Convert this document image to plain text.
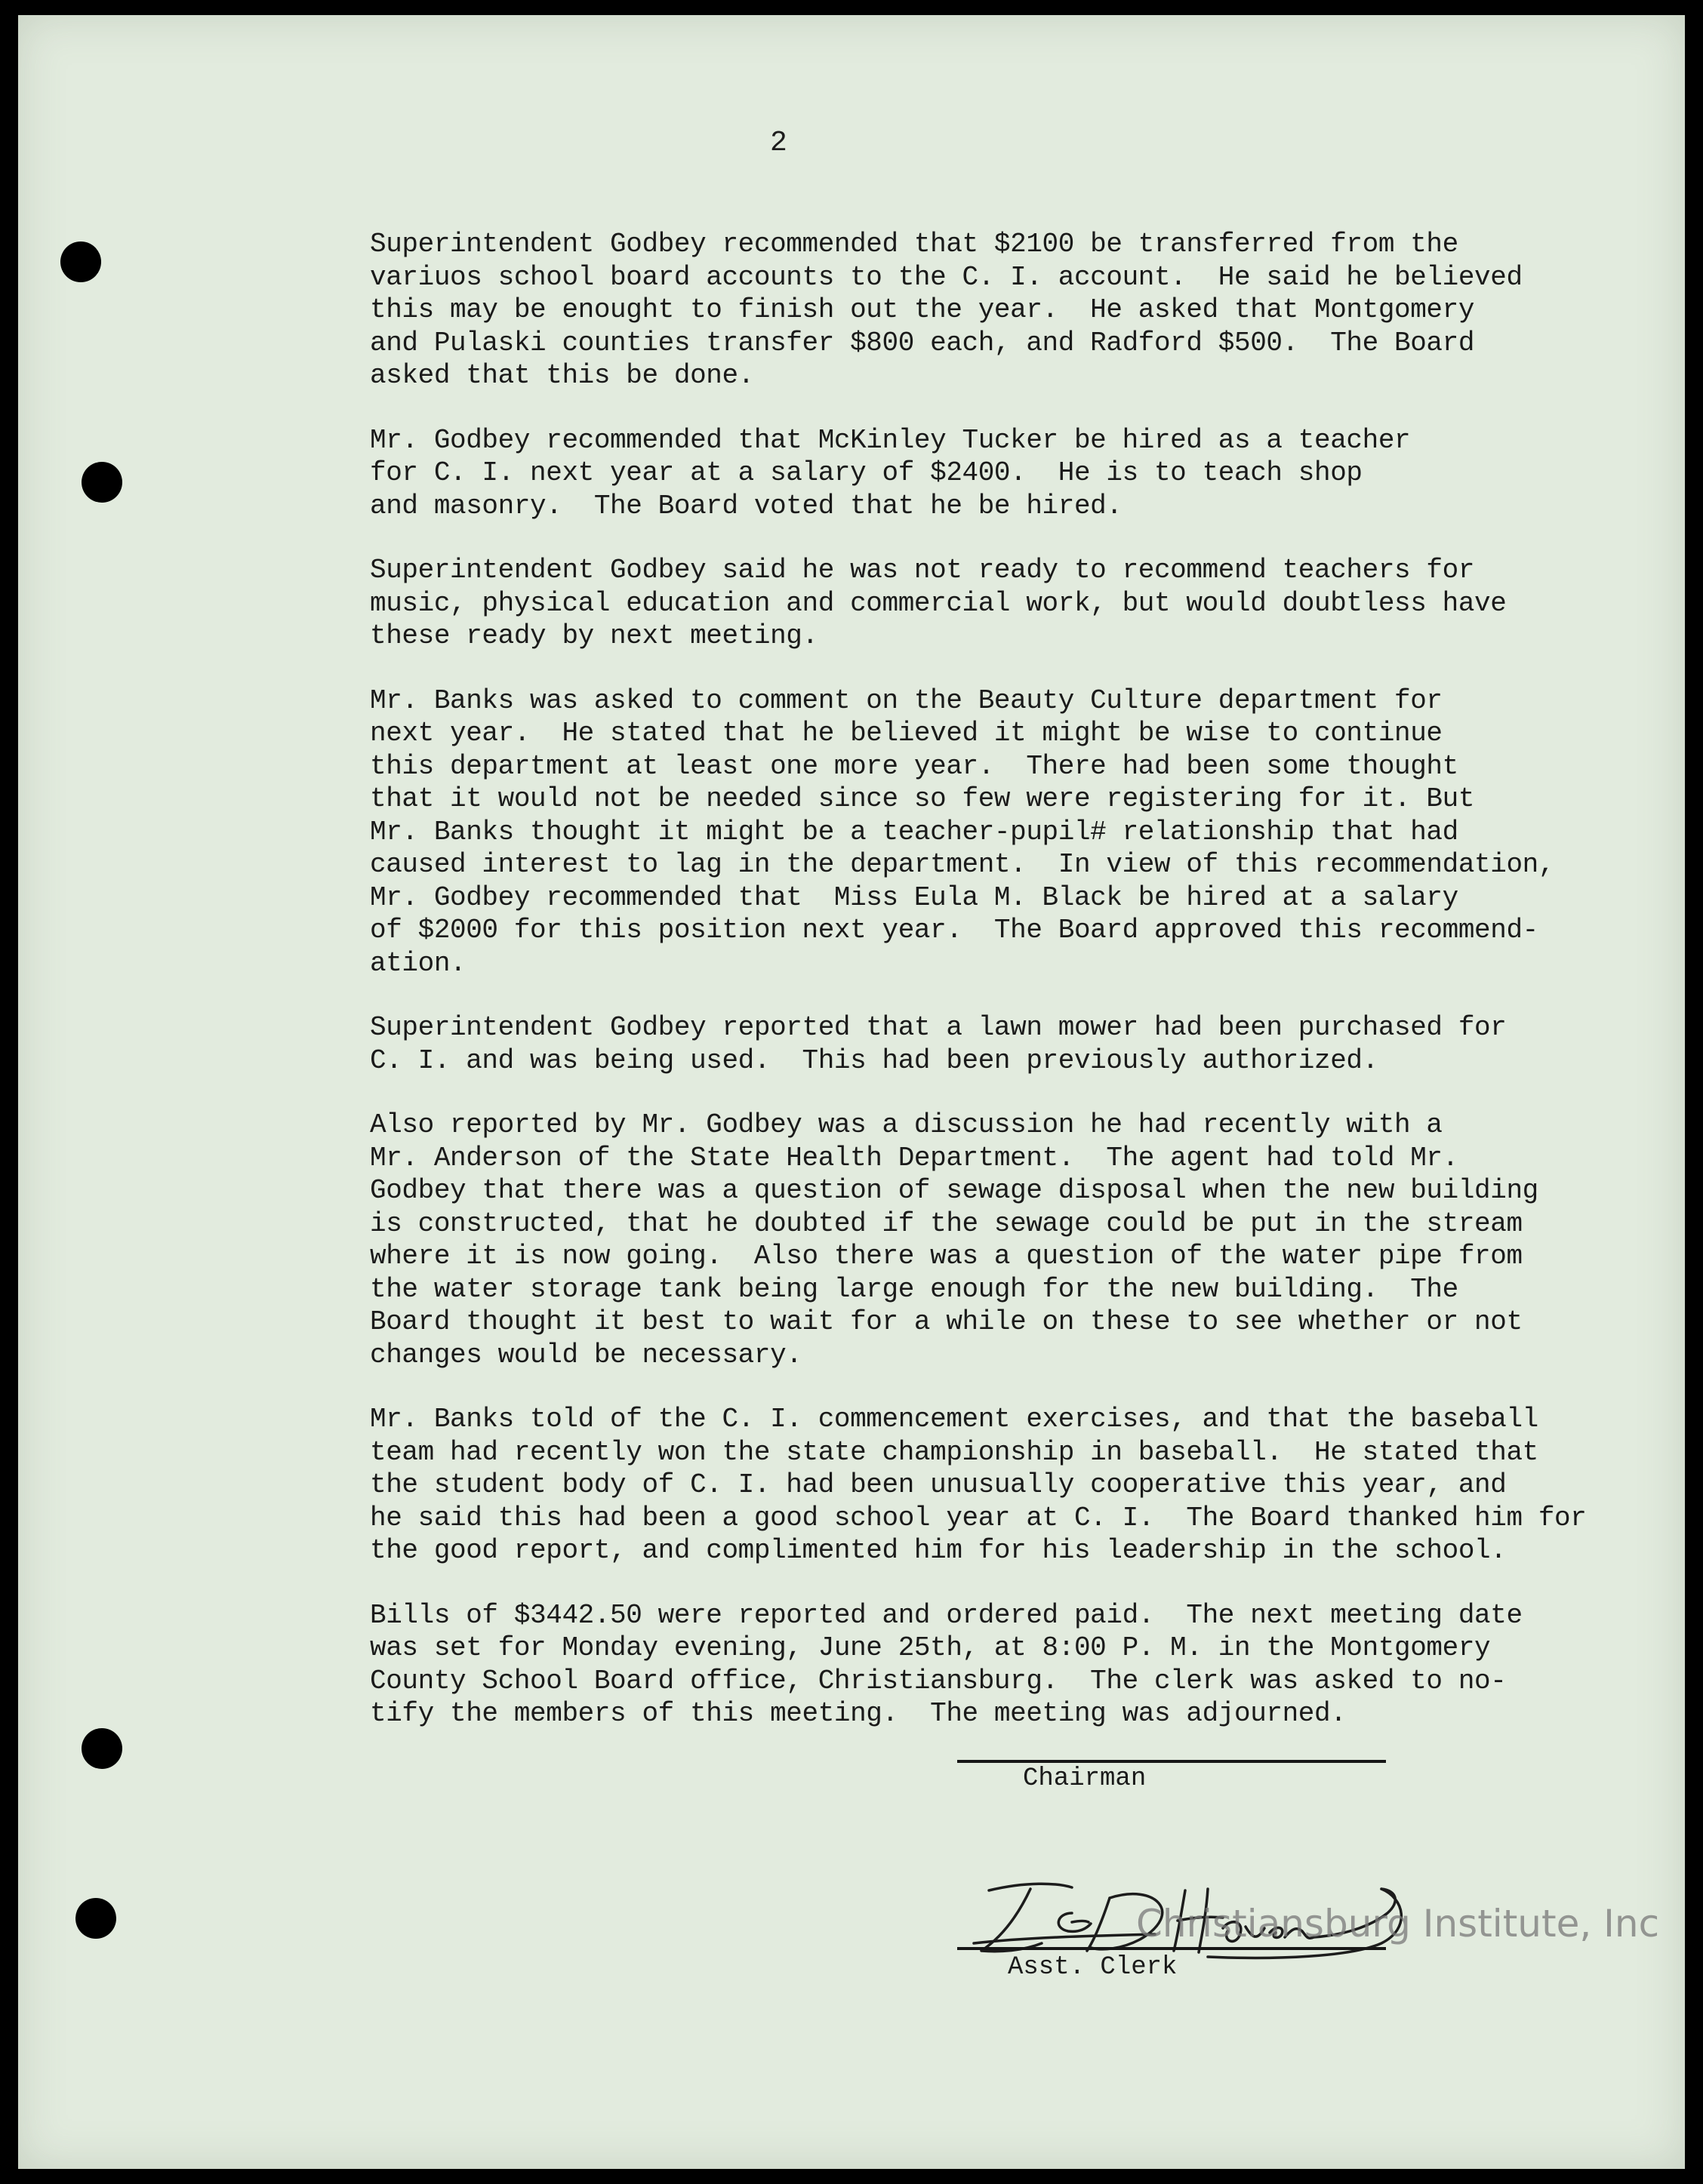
2

Superintendent Godbey recommended that $2100 be transferred from the
variuos school board accounts to the C. I. account.  He said he believed
this may be enought to finish out the year.  He asked that Montgomery
and Pulaski counties transfer $800 each, and Radford $500.  The Board
asked that this be done.

Mr. Godbey recommended that McKinley Tucker be hired as a teacher
for C. I. next year at a salary of $2400.  He is to teach shop
and masonry.  The Board voted that he be hired.

Superintendent Godbey said he was not ready to recommend teachers for
music, physical education and commercial work, but would doubtless have
these ready by next meeting.

Mr. Banks was asked to comment on the Beauty Culture department for
next year.  He stated that he believed it might be wise to continue
this department at least one more year.  There had been some thought
that it would not be needed since so few were registering for it. But
Mr. Banks thought it might be a teacher-pupil# relationship that had
caused interest to lag in the department.  In view of this recommendation,
Mr. Godbey recommended that  Miss Eula M. Black be hired at a salary
of $2000 for this position next year.  The Board approved this recommend-
ation.

Superintendent Godbey reported that a lawn mower had been purchased for
C. I. and was being used.  This had been previously authorized.

Also reported by Mr. Godbey was a discussion he had recently with a
Mr. Anderson of the State Health Department.  The agent had told Mr.
Godbey that there was a question of sewage disposal when the new building
is constructed, that he doubted if the sewage could be put in the stream
where it is now going.  Also there was a question of the water pipe from
the water storage tank being large enough for the new building.  The
Board thought it best to wait for a while on these to see whether or not
changes would be necessary.

Mr. Banks told of the C. I. commencement exercises, and that the baseball
team had recently won the state championship in baseball.  He stated that
the student body of C. I. had been unusually cooperative this year, and
he said this had been a good school year at C. I.  The Board thanked him for
the good report, and complimented him for his leadership in the school.

Bills of $3442.50 were reported and ordered paid.  The next meeting date
was set for Monday evening, June 25th, at 8:00 P. M. in the Montgomery
County School Board office, Christiansburg.  The clerk was asked to no-
tify the members of this meeting.  The meeting was adjourned.

Chairman
Asst. Clerk
Christiansburg Institute, Inc
